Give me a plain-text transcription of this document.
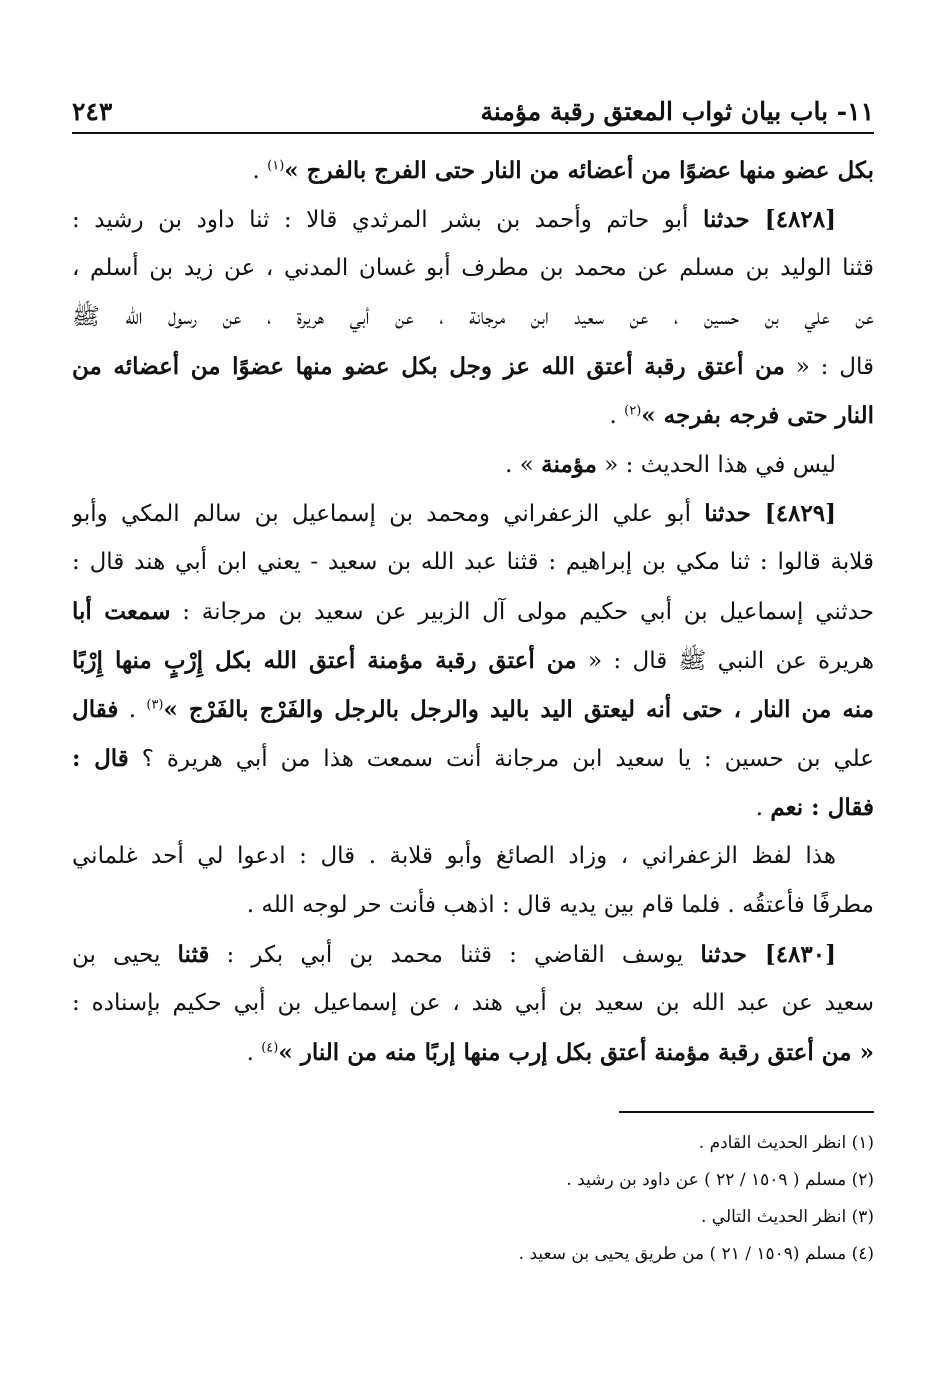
١١- باب بيان ثواب المعتق رقبة مؤمنة
٢٤٣
بكل عضو منها عضوًا من أعضائه من النار حتى الفرج بالفرج »$^{(١)}$ .
[٤٨٢٨] حدثنا أبو حاتم وأحمد بن بشر المرثدي قالا : ثنا داود بن رشيد :
قثنا الوليد بن مسلم عن محمد بن مطرف أبو غسان المدني ، عن زيد بن أسلم ،
عن علي بن حسين ، عن سعيد ابن مرجانة ، عن أبي هريرة ، عن رسول الله ﷺ
قال : « من أعتق رقبة أعتق الله عز وجل بكل عضو منها عضوًا من أعضائه من
النار حتى فرجه بفرجه »$^{(٢)}$ .
ليس في هذا الحديث : « مؤمنة » .
[٤٨٢٩] حدثنا أبو علي الزعفراني ومحمد بن إسماعيل بن سالم المكي وأبو
قلابة قالوا : ثنا مكي بن إبراهيم : قثنا عبد الله بن سعيد - يعني ابن أبي هند قال :
حدثني إسماعيل بن أبي حكيم مولى آل الزبير عن سعيد بن مرجانة : سمعت أبا
هريرة عن النبي ﷺ قال : « من أعتق رقبة مؤمنة أعتق الله بكل إِرْبٍ منها إِرْبًا
منه من النار ، حتى أنه ليعتق اليد باليد والرجل بالرجل والفَرْج بالفَرْج »$^{(٣)}$ . فقال
علي بن حسين : يا سعيد ابن مرجانة أنت سمعت هذا من أبي هريرة ؟ قال :
فقال : نعم .
هذا لفظ الزعفراني ، وزاد الصائغ وأبو قلابة . قال : ادعوا لي أحد غلماني
مطرفًا فأعتقُه . فلما قام بين يديه قال : اذهب فأنت حر لوجه الله .
[٤٨٣٠] حدثنا يوسف القاضي : قثنا محمد بن أبي بكر : قثنا يحيى بن
سعيد عن عبد الله بن سعيد بن أبي هند ، عن إسماعيل بن أبي حكيم بإسناده :
« من أعتق رقبة مؤمنة أعتق بكل إرب منها إربًا منه من النار »$^{(٤)}$ .
(١) انظر الحديث القادم .
(٢) مسلم ( ١٥٠٩ / ٢٢ ) عن داود بن رشيد .
(٣) انظر الحديث التالي .
(٤) مسلم (١٥٠٩ / ٢١ ) من طريق يحيى بن سعيد .
